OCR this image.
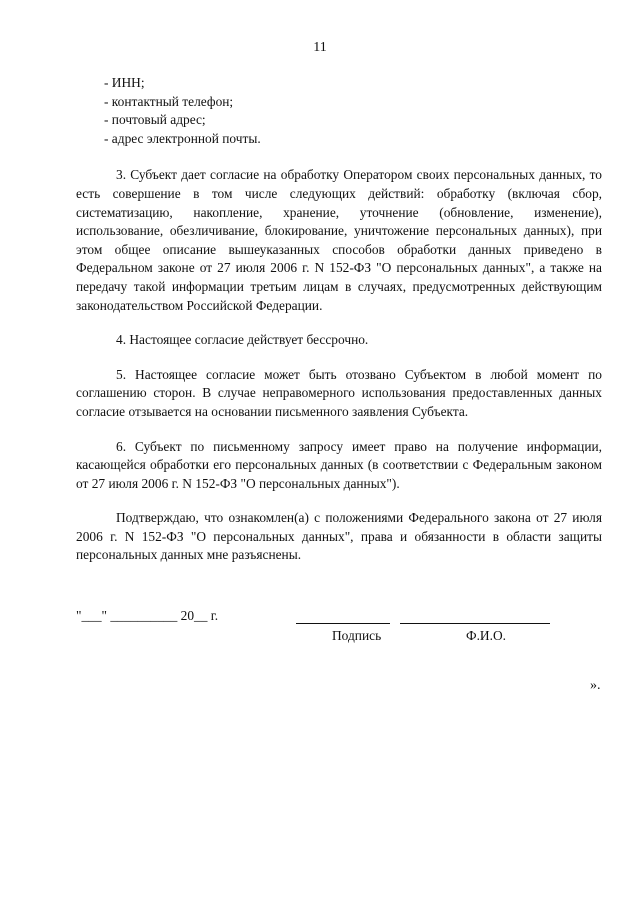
11

- ИНН;

- контактный телефон;

- почтовый адрес;

- адрес электронной почты.

3. Субъект дает согласие на обработку Оператором своих персональных данных, то есть совершение в том числе следующих действий: обработку (включая сбор, систематизацию, накопление, хранение, уточнение (обновление, изменение), использование, обезличивание, блокирование, уничтожение персональных данных), при этом общее описание вышеуказанных способов обработки данных приведено в Федеральном законе от 27 июля 2006 г. N 152-ФЗ "О персональных данных", а также на передачу такой информации третьим лицам в случаях, предусмотренных действующим законодательством Российской Федерации.

4. Настоящее согласие действует бессрочно.

5. Настоящее согласие может быть отозвано Субъектом в любой момент по соглашению сторон. В случае неправомерного использования предоставленных данных согласие отзывается на основании письменного заявления Субъекта.

6. Субъект по письменному запросу имеет право на получение информации, касающейся обработки его персональных данных (в соответствии с Федеральным законом от 27 июля 2006 г. N 152-ФЗ "О персональных данных").

Подтверждаю, что ознакомлен(а) с положениями Федерального закона от 27 июля 2006 г. N 152-ФЗ "О персональных данных", права и обязанности в области защиты персональных данных мне разъяснены.

"___" __________ 20__ г.
Подпись	Ф.И.О.
».
